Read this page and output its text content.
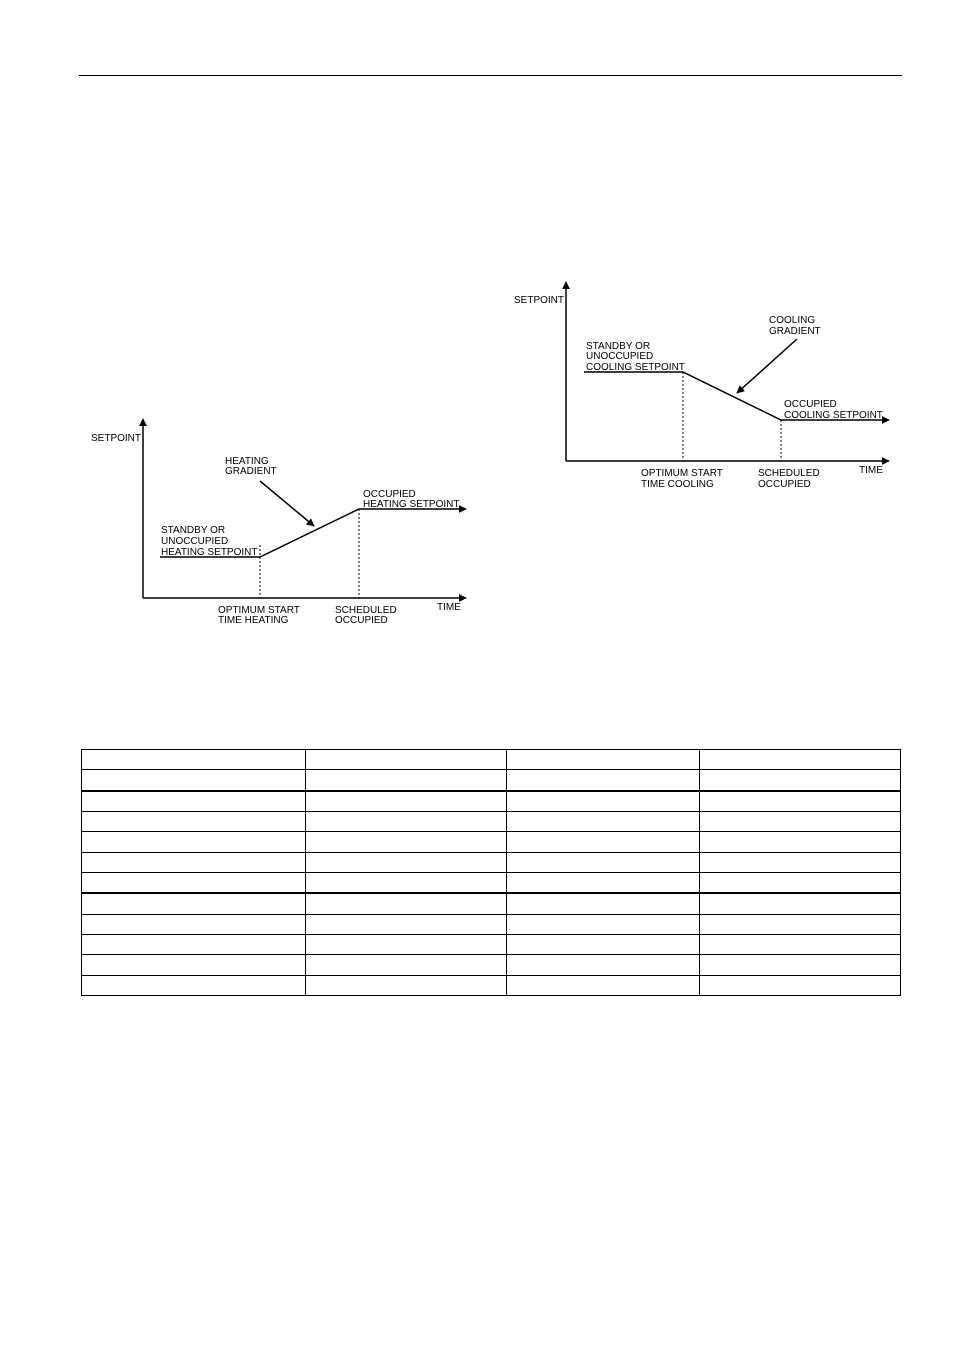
SETPOINT
TIME
STANDBY OR
UNOCCUPIED
HEATING SETPOINT
HEATING
GRADIENT
OCCUPIED
HEATING SETPOINT
OPTIMUM START
TIME HEATING
SCHEDULED
OCCUPIED
SETPOINT
TIME
STANDBY OR
UNOCCUPIED
COOLING SETPOINT
COOLING
GRADIENT
OCCUPIED
COOLING SETPOINT
OPTIMUM START
TIME COOLING
SCHEDULED
OCCUPIED
